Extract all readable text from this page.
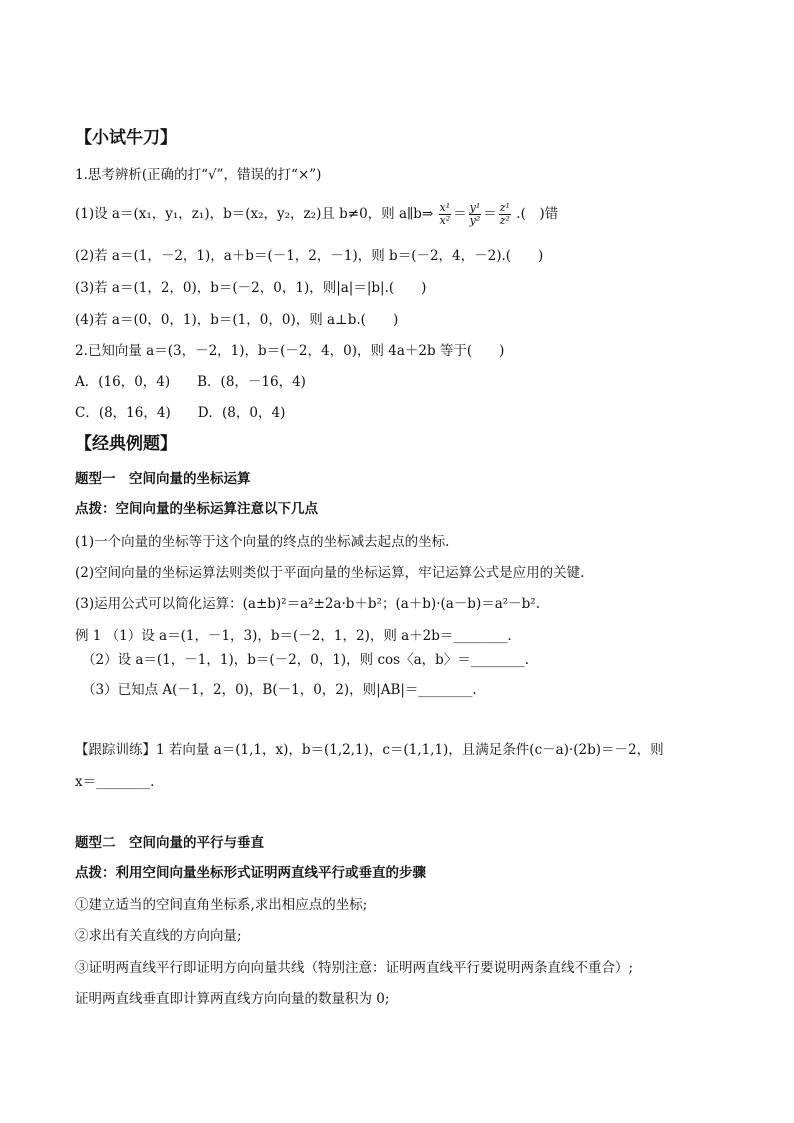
【小试牛刀】
1.思考辨析(正确的打“√”，错误的打“×”)
(1)设 a＝(x₁，y₁，z₁)，b＝(x₂，y₂，z₂)且 b≠0，则 a∥b⇒ $\frac{\text{x¹}}{\text{x²}} = \frac{\text{y¹}}{\text{y²}} = \frac{\text{z¹}}{\text{z²}}$ .(　)错
(2)若 a＝(1，－2，1)，a＋b＝(－1，2，－1)，则 b＝(－2，4，－2).(　　)
(3)若 a＝(1，2，0)，b＝(－2，0，1)，则|a|＝|b|.(　　)
(4)若 a＝(0，0，1)，b＝(1，0，0)，则 a⊥b.(　　)
2.已知向量 a＝(3，－2，1)，b＝(－2，4，0)，则 4a＋2b 等于(　　)
A．(16，0，4)　　B．(8，－16，4)
C．(8，16，4)　　D．(8，0，4)
【经典例题】
题型一　空间向量的坐标运算
点拨：空间向量的坐标运算注意以下几点
(1)一个向量的坐标等于这个向量的终点的坐标减去起点的坐标.
(2)空间向量的坐标运算法则类似于平面向量的坐标运算，牢记运算公式是应用的关键.
(3)运用公式可以简化运算：(a±b)²＝a²±2a·b＋b²；(a＋b)·(a－b)＝a²－b².
例 1 （1）设 a＝(1，－1，3)，b＝(－2，1，2)，则 a＋2b＝________.
（2）设 a＝(1，－1，1)，b＝(－2，0，1)，则 cos〈a，b〉＝________.
（3）已知点 A(－1，2，0)，B(－1，0，2)，则|AB|＝________.
【跟踪训练】1 若向量 a＝(1,1，x)，b＝(1,2,1)，c＝(1,1,1)，且满足条件(c－a)·(2b)＝－2，则
x＝________.
题型二　空间向量的平行与垂直
点拨：利用空间向量坐标形式证明两直线平行或垂直的步骤
①建立适当的空间直角坐标系,求出相应点的坐标;
②求出有关直线的方向向量;
③证明两直线平行即证明方向向量共线（特别注意：证明两直线平行要说明两条直线不重合）;
证明两直线垂直即计算两直线方向向量的数量积为 0;
